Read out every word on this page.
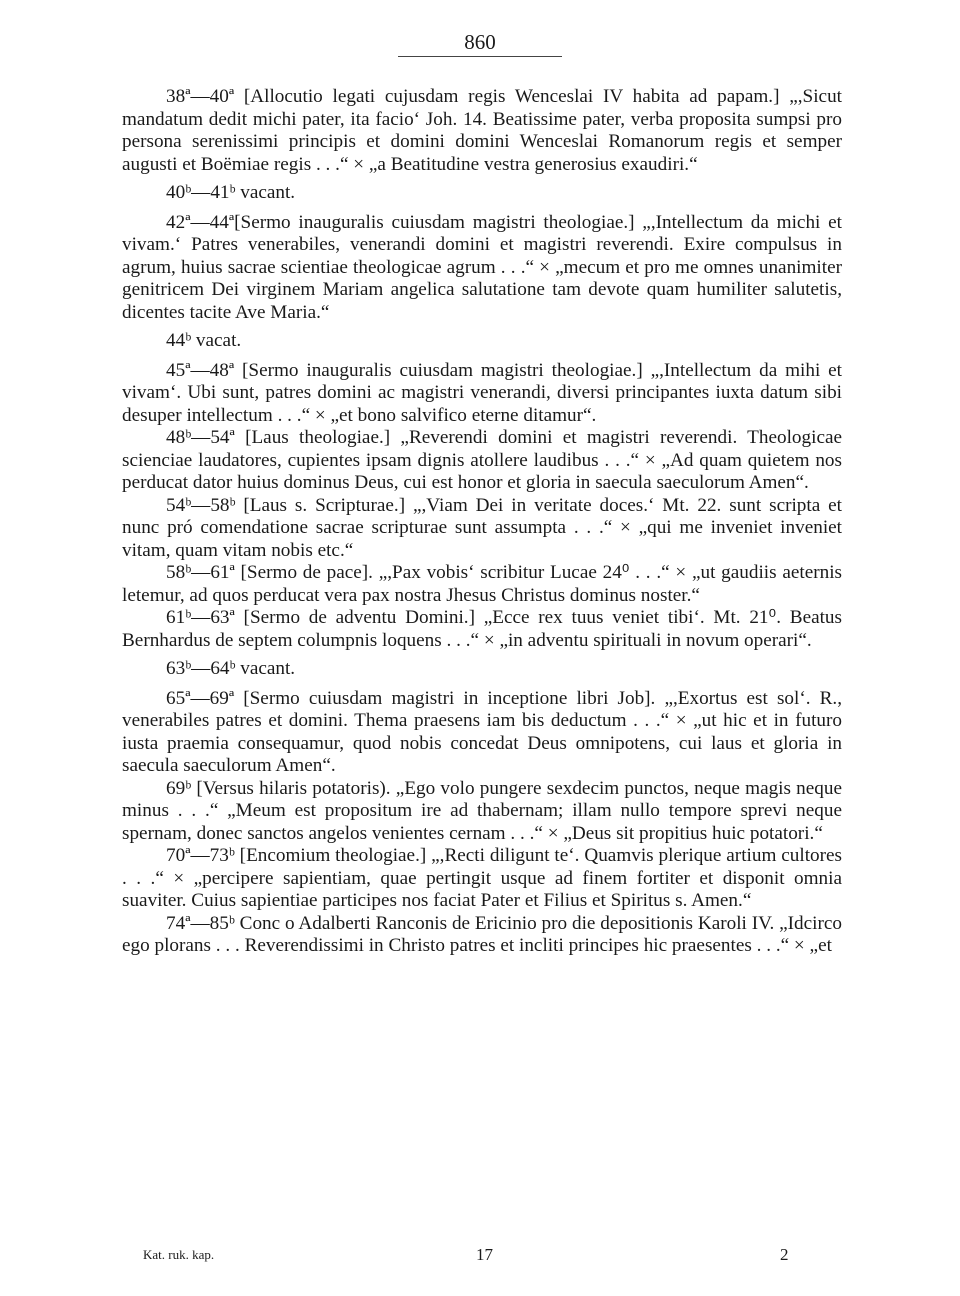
860

38ª—40ª [Allocutio legati cujusdam regis Wenceslai IV habita ad papam.] „,Sicut mandatum dedit michi pater, ita facio‘ Joh. 14. Beatissime pater, verba proposita sumpsi pro persona serenissimi principis et domini domini Wenceslai Romanorum regis et semper augusti et Boëmiae regis . . .“ × „a Beatitudine vestra generosius exaudiri.“

40ᵇ—41ᵇ vacant.

42ª—44ª[Sermo inauguralis cuiusdam magistri theologiae.] „,Intellectum da michi et vivam.‘ Patres venerabiles, venerandi domini et magistri reverendi. Exire compulsus in agrum, huius sacrae scientiae theologicae agrum . . .“ × „mecum et pro me omnes unanimiter genitricem Dei virginem Mariam angelica salutatione tam devote quam humiliter salutetis, dicentes tacite Ave Maria.“

44ᵇ vacat.

45ª—48ª [Sermo inauguralis cuiusdam magistri theologiae.] „,Intellectum da mihi et vivam‘. Ubi sunt, patres domini ac magistri venerandi, diversi principantes iuxta datum sibi desuper intellectum . . .“ × „et bono salvifico eterne ditamur“.

48ᵇ—54ª [Laus theologiae.] „Reverendi domini et magistri reverendi. Theologicae scienciae laudatores, cupientes ipsam dignis atollere laudibus . . .“ × „Ad quam quietem nos perducat dator huius dominus Deus, cui est honor et gloria in saecula saeculorum Amen“.

54ᵇ—58ᵇ [Laus s. Scripturae.] „,Viam Dei in veritate doces.‘ Mt. 22. sunt scripta et nunc pró comendatione sacrae scripturae sunt assumpta . . .“ × „qui me inveniet inveniet vitam, quam vitam nobis etc.“

58ᵇ—61ª [Sermo de pace]. „,Pax vobis‘ scribitur Lucae 24⁰ . . .“ × „ut gaudiis aeternis letemur, ad quos perducat vera pax nostra Jhesus Christus dominus noster.“

61ᵇ—63ª [Sermo de adventu Domini.] „Ecce rex tuus veniet tibi‘. Mt. 21⁰. Beatus Bernhardus de septem columpnis loquens . . .“ × „in adventu spirituali in novum operari“.

63ᵇ—64ᵇ vacant.

65ª—69ª [Sermo cuiusdam magistri in inceptione libri Job]. „,Exortus est sol‘. R., venerabiles patres et domini. Thema praesens iam bis deductum . . .“ × „ut hic et in futuro iusta praemia consequamur, quod nobis concedat Deus omnipotens, cui laus et gloria in saecula saeculorum Amen“.

69ᵇ [Versus hilaris potatoris). „Ego volo pungere sexdecim punctos, neque magis neque minus . . .“ „Meum est propositum ire ad thabernam; illam nullo tempore sprevi neque spernam, donec sanctos angelos venientes cernam . . .“ × „Deus sit propitius huic potatori.“

70ª—73ᵇ [Encomium theologiae.] „,Recti diligunt te‘. Quamvis plerique artium cultores . . .“ × „percipere sapientiam, quae pertingit usque ad finem fortiter et disponit omnia suaviter. Cuius sapientiae participes nos faciat Pater et Filius et Spiritus s. Amen.“

74ª—85ᵇ Conc o Adalberti Ranconis de Ericinio pro die depositionis Karoli IV. „Idcirco ego plorans . . . Reverendissimi in Christo patres et incliti principes hic praesentes . . .“ × „et

Kat. ruk. kap.	17	2
